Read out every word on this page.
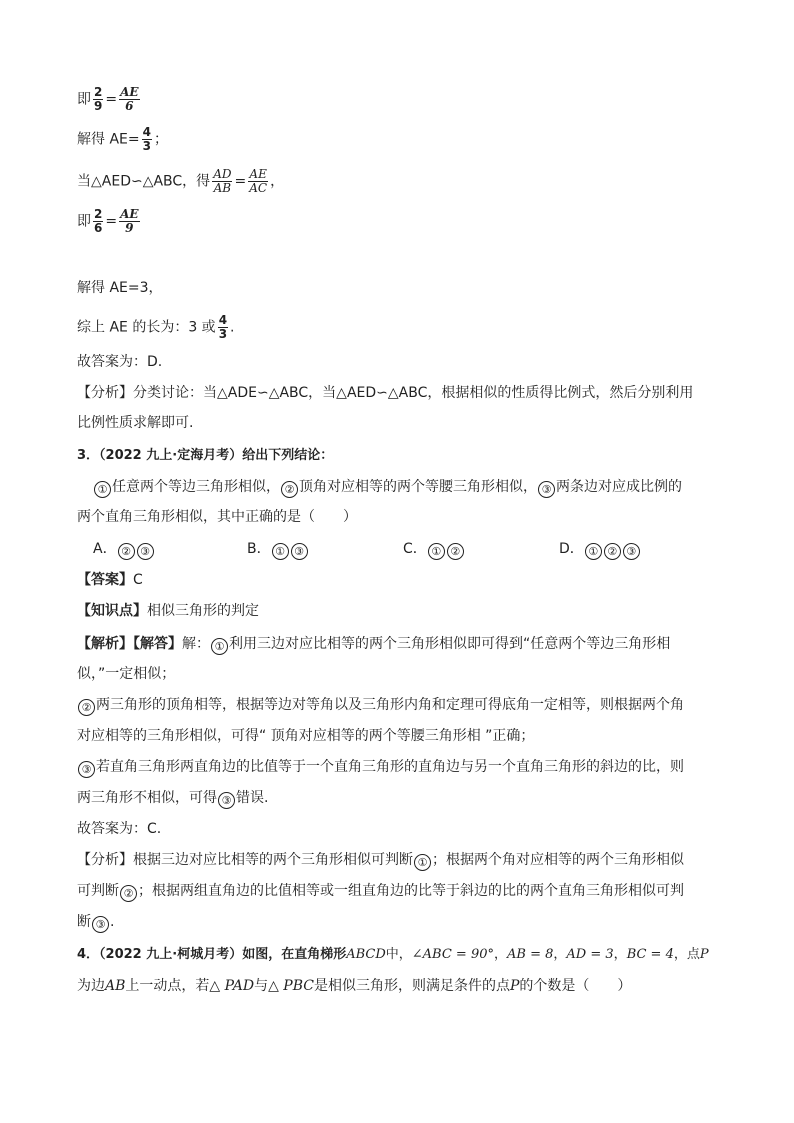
即 $\frac{2}{9} = \frac{AE}{6}$
解得 $AE= \frac{4}{3}$ ；
当△AED∽△ABC，得 $\frac{AD}{AB} = \frac{AE}{AC}$ ，
即 $\frac{2}{6} = \frac{AE}{9}$
解得 AE=3，
综上 AE 的长为：3 或 $\frac{4}{3}$ .
故答案为：D.
【分析】分类讨论：当△ADE∽△ABC，当△AED∽△ABC，根据相似的性质得比例式，然后分别利用
比例性质求解即可.
3．（2022 九上·定海月考）给出下列结论：
① 任意两个等边三角形相似， ② 顶角对应相等的两个等腰三角形相似， ③ 两条边对应成比例的
两个直角三角形相似，其中正确的是（　　）
A． ② ③	B． ① ③	C． ① ②	D． ① ② ③
【答案】C
【知识点】相似三角形的判定
【解析】【解答】解： ① 利用三边对应比相等的两个三角形相似即可得到“任意两个等边三角形相
似，”一定相似；
② 两三角形的顶角相等，根据等边对等角以及三角形内角和定理可得底角一定相等，则根据两个角
对应相等的三角形相似，可得“ 顶角对应相等的两个等腰三角形相 ”正确；
③ 若直角三角形两直角边的比值等于一个直角三角形的直角边与另一个直角三角形的斜边的比，则
两三角形不相似，可得 ③ 错误.
故答案为：C.
【分析】根据三边对应比相等的两个三角形相似可判断 ① ；根据两个角对应相等的两个三角形相似
可判断 ② ；根据两组直角边的比值相等或一组直角边的比等于斜边的比的两个直角三角形相似可判
断 ③ .
4．（2022 九上·柯城月考）如图，在直角梯形ABCD中，∠ABC = 90°，AB = 8，AD = 3，BC = 4，点P
为边AB上一动点，若△ PAD与△ PBC是相似三角形，则满足条件的点P的个数是（　　）
